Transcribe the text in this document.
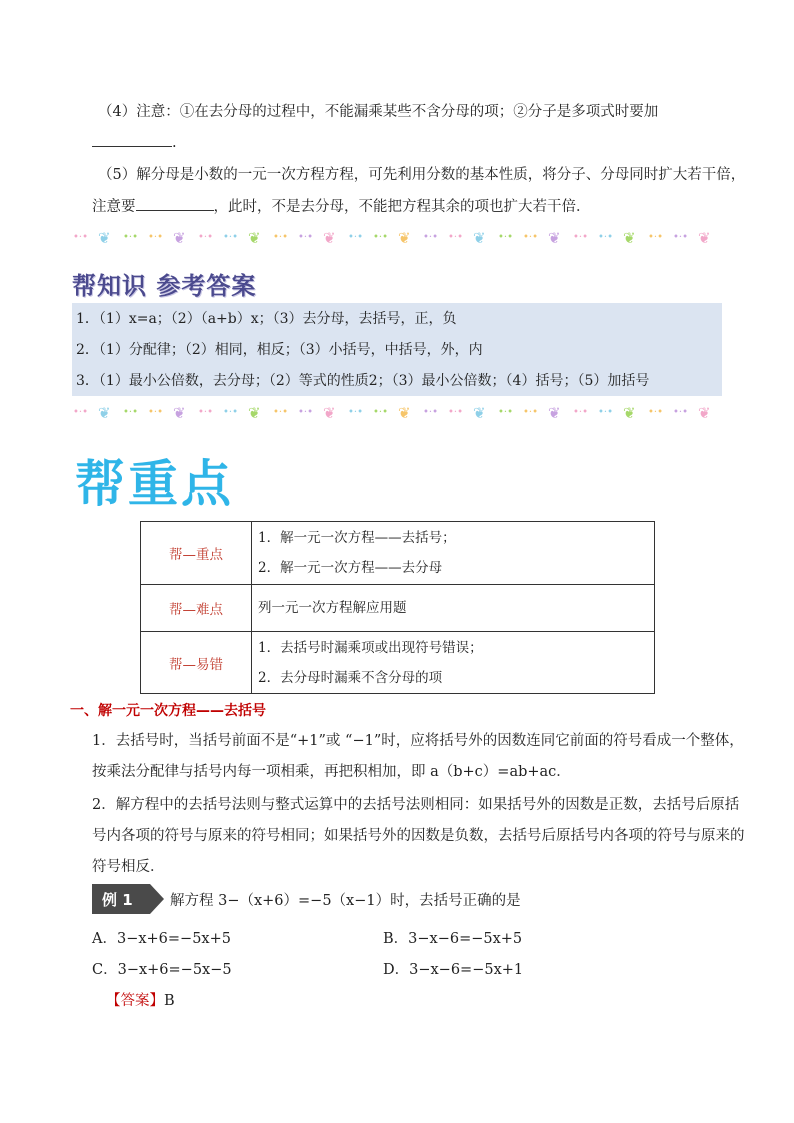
（4）注意：①在去分母的过程中，不能漏乘某些不含分母的项；②分子是多项式时要加
.
（5）解分母是小数的一元一次方程方程，可先利用分数的基本性质，将分子、分母同时扩大若干倍，
注意要	，此时，不是去分母，不能把方程其余的项也扩大若干倍．
•·• ❦ •·• •·• ❦ •·• •·• ❦ •·• •·• ❦ •·• •·• ❦ •·• •·• ❦ •·• •·• ❦ •·• •·• ❦ •·• •·• ❦
帮知识 参考答案
1．（1）x=a；（2）（a+b）x；（3）去分母，去括号，正，负
2．（1）分配律；（2）相同，相反；（3）小括号，中括号，外，内
3．（1）最小公倍数，去分母；（2）等式的性质2；（3）最小公倍数；（4）括号；（5）加括号
•·• ❦ •·• •·• ❦ •·• •·• ❦ •·• •·• ❦ •·• •·• ❦ •·• •·• ❦ •·• •·• ❦ •·• •·• ❦ •·• •·• ❦
帮重点
帮—重点	1．解一元一次方程——去括号；
2．解一元一次方程——去分母

帮—难点	列一元一次方程解应用题

帮—易错	1．去括号时漏乘项或出现符号错误；
2．去分母时漏乘不含分母的项
一、解一元一次方程——去括号
1．去括号时，当括号前面不是“+1”或 “−1”时，应将括号外的因数连同它前面的符号看成一个整体，
按乘法分配律与括号内每一项相乘，再把积相加，即 a（b+c）=ab+ac．
2．解方程中的去括号法则与整式运算中的去括号法则相同：如果括号外的因数是正数，去括号后原括
号内各项的符号与原来的符号相同；如果括号外的因数是负数，去括号后原括号内各项的符号与原来的
符号相反．
例 1	解方程 3−（x+6）=−5（x−1）时，去括号正确的是
A．3−x+6=−5x+5	B．3−x−6=−5x+5
C．3−x+6=−5x−5	D．3−x−6=−5x+1
【答案】B
